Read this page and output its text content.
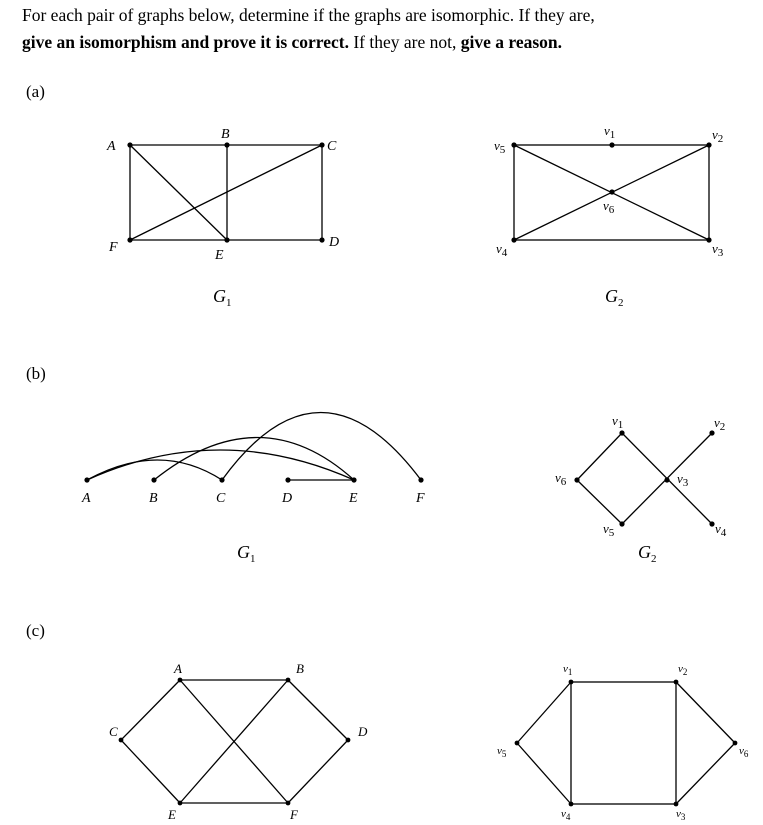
For each pair of graphs below, determine if the graphs are isomorphic. If they are,
give an isomorphism and prove it is correct. If they are not, give a reason.
(a)
(b)
(c)
A
B
C
D
E
F
$G_1$
$v_1$	$v_2$
$v_3$
$v_4$
$v_5$
$v_6$
$G_2$
A	B	C	D	E	F
$G_1$
$v_1$	$v_2$
$v_3$
$v_4$
$v_5$
$v_6$
$G_2$
A	B
C	D
E	F
$v_1$	$v_2$
$v_3$
$v_4$
$v_5$	$v_6$
